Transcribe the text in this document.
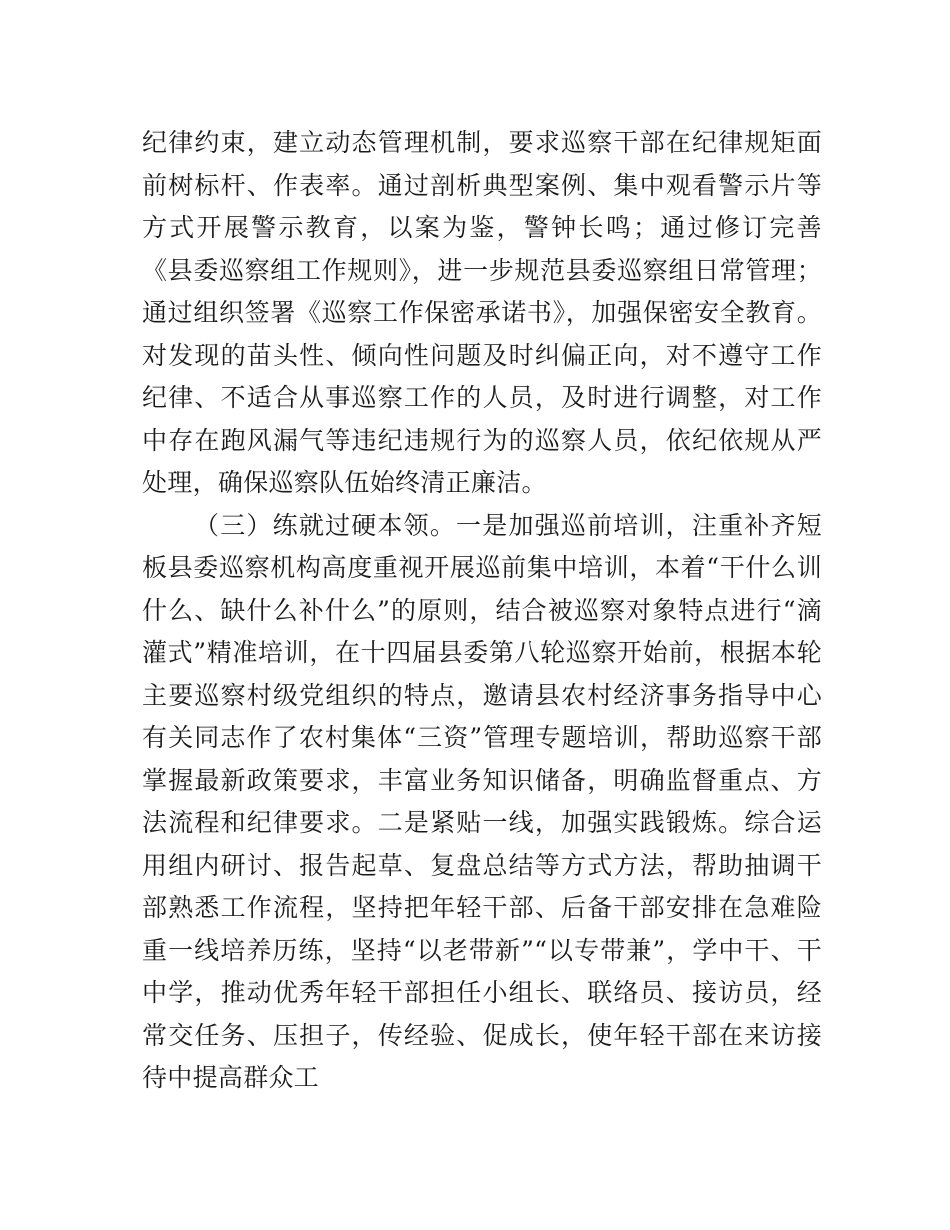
纪律约束，建立动态管理机制，要求巡察干部在纪律规矩面前树标杆、作表率。通过剖析典型案例、集中观看警示片等方式开展警示教育，以案为鉴，警钟长鸣；通过修订完善《县委巡察组工作规则》，进一步规范县委巡察组日常管理；通过组织签署《巡察工作保密承诺书》，加强保密安全教育。对发现的苗头性、倾向性问题及时纠偏正向，对不遵守工作纪律、不适合从事巡察工作的人员，及时进行调整，对工作中存在跑风漏气等违纪违规行为的巡察人员，依纪依规从严处理，确保巡察队伍始终清正廉洁。

（三）练就过硬本领。一是加强巡前培训，注重补齐短板县委巡察机构高度重视开展巡前集中培训，本着“干什么训什么、缺什么补什么”的原则，结合被巡察对象特点进行“滴灌式”精准培训，在十四届县委第八轮巡察开始前，根据本轮主要巡察村级党组织的特点，邀请县农村经济事务指导中心有关同志作了农村集体“三资”管理专题培训，帮助巡察干部掌握最新政策要求，丰富业务知识储备，明确监督重点、方法流程和纪律要求。二是紧贴一线，加强实践锻炼。综合运用组内研讨、报告起草、复盘总结等方式方法，帮助抽调干部熟悉工作流程，坚持把年轻干部、后备干部安排在急难险重一线培养历练，坚持“以老带新”“以专带兼”，学中干、干中学，推动优秀年轻干部担任小组长、联络员、接访员，经常交任务、压担子，传经验、促成长，使年轻干部在来访接待中提高群众工
